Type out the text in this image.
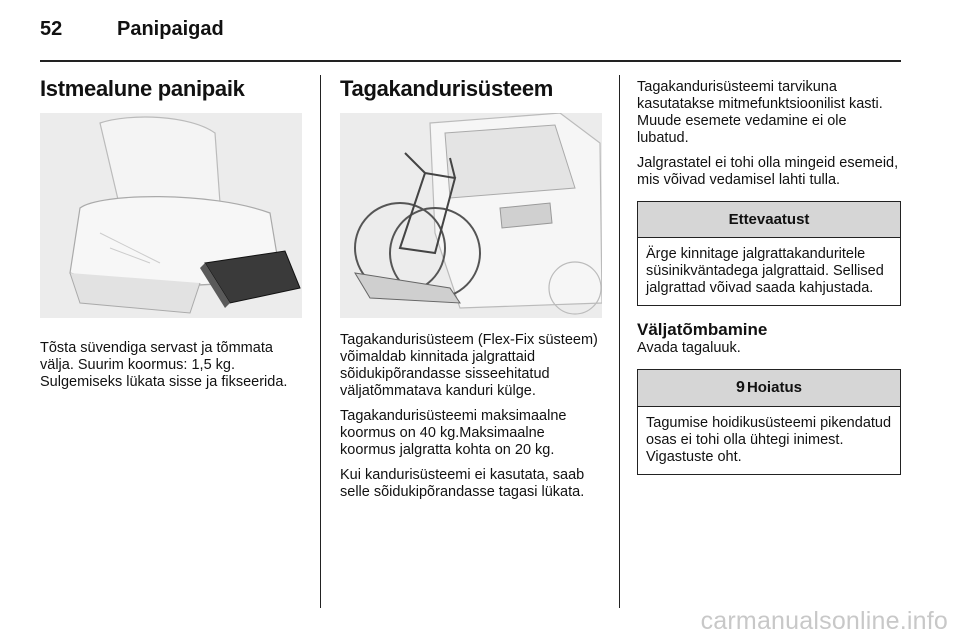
52	Panipaigad
Istmealune panipaik

Tõsta süvendiga servast ja tõmmata välja. Suurim koormus: 1,5 kg. Sulgemiseks lükata sisse ja fikseerida.

Tagakandurisüsteem

Tagakandurisüsteem (Flex-Fix süsteem) võimaldab kinnitada jalgrattaid sõidukipõrandasse sisseehitatud väljatõmmatava kanduri külge.

Tagakandurisüsteemi maksimaalne koormus on 40 kg.Maksimaalne koormus jalgratta kohta on 20 kg.

Kui kandurisüsteemi ei kasutata, saab selle sõidukipõrandasse tagasi lükata.

Tagakandurisüsteemi tarvikuna kasutatakse mitmefunktsioonilist kasti. Muude esemete vedamine ei ole lubatud.

Jalgrastatel ei tohi olla mingeid esemeid, mis võivad vedamisel lahti tulla.

Ettevaatust

Ärge kinnitage jalgrattakanduritele süsinikväntadega jalgrattaid. Sellised jalgrattad võivad saada kahjustada.

Väljatõmbamine

Avada tagaluuk.

9 Hoiatus

Tagumise hoidikusüsteemi pikendatud osas ei tohi olla ühtegi inimest. Vigastuste oht.

carmanualsonline.info
